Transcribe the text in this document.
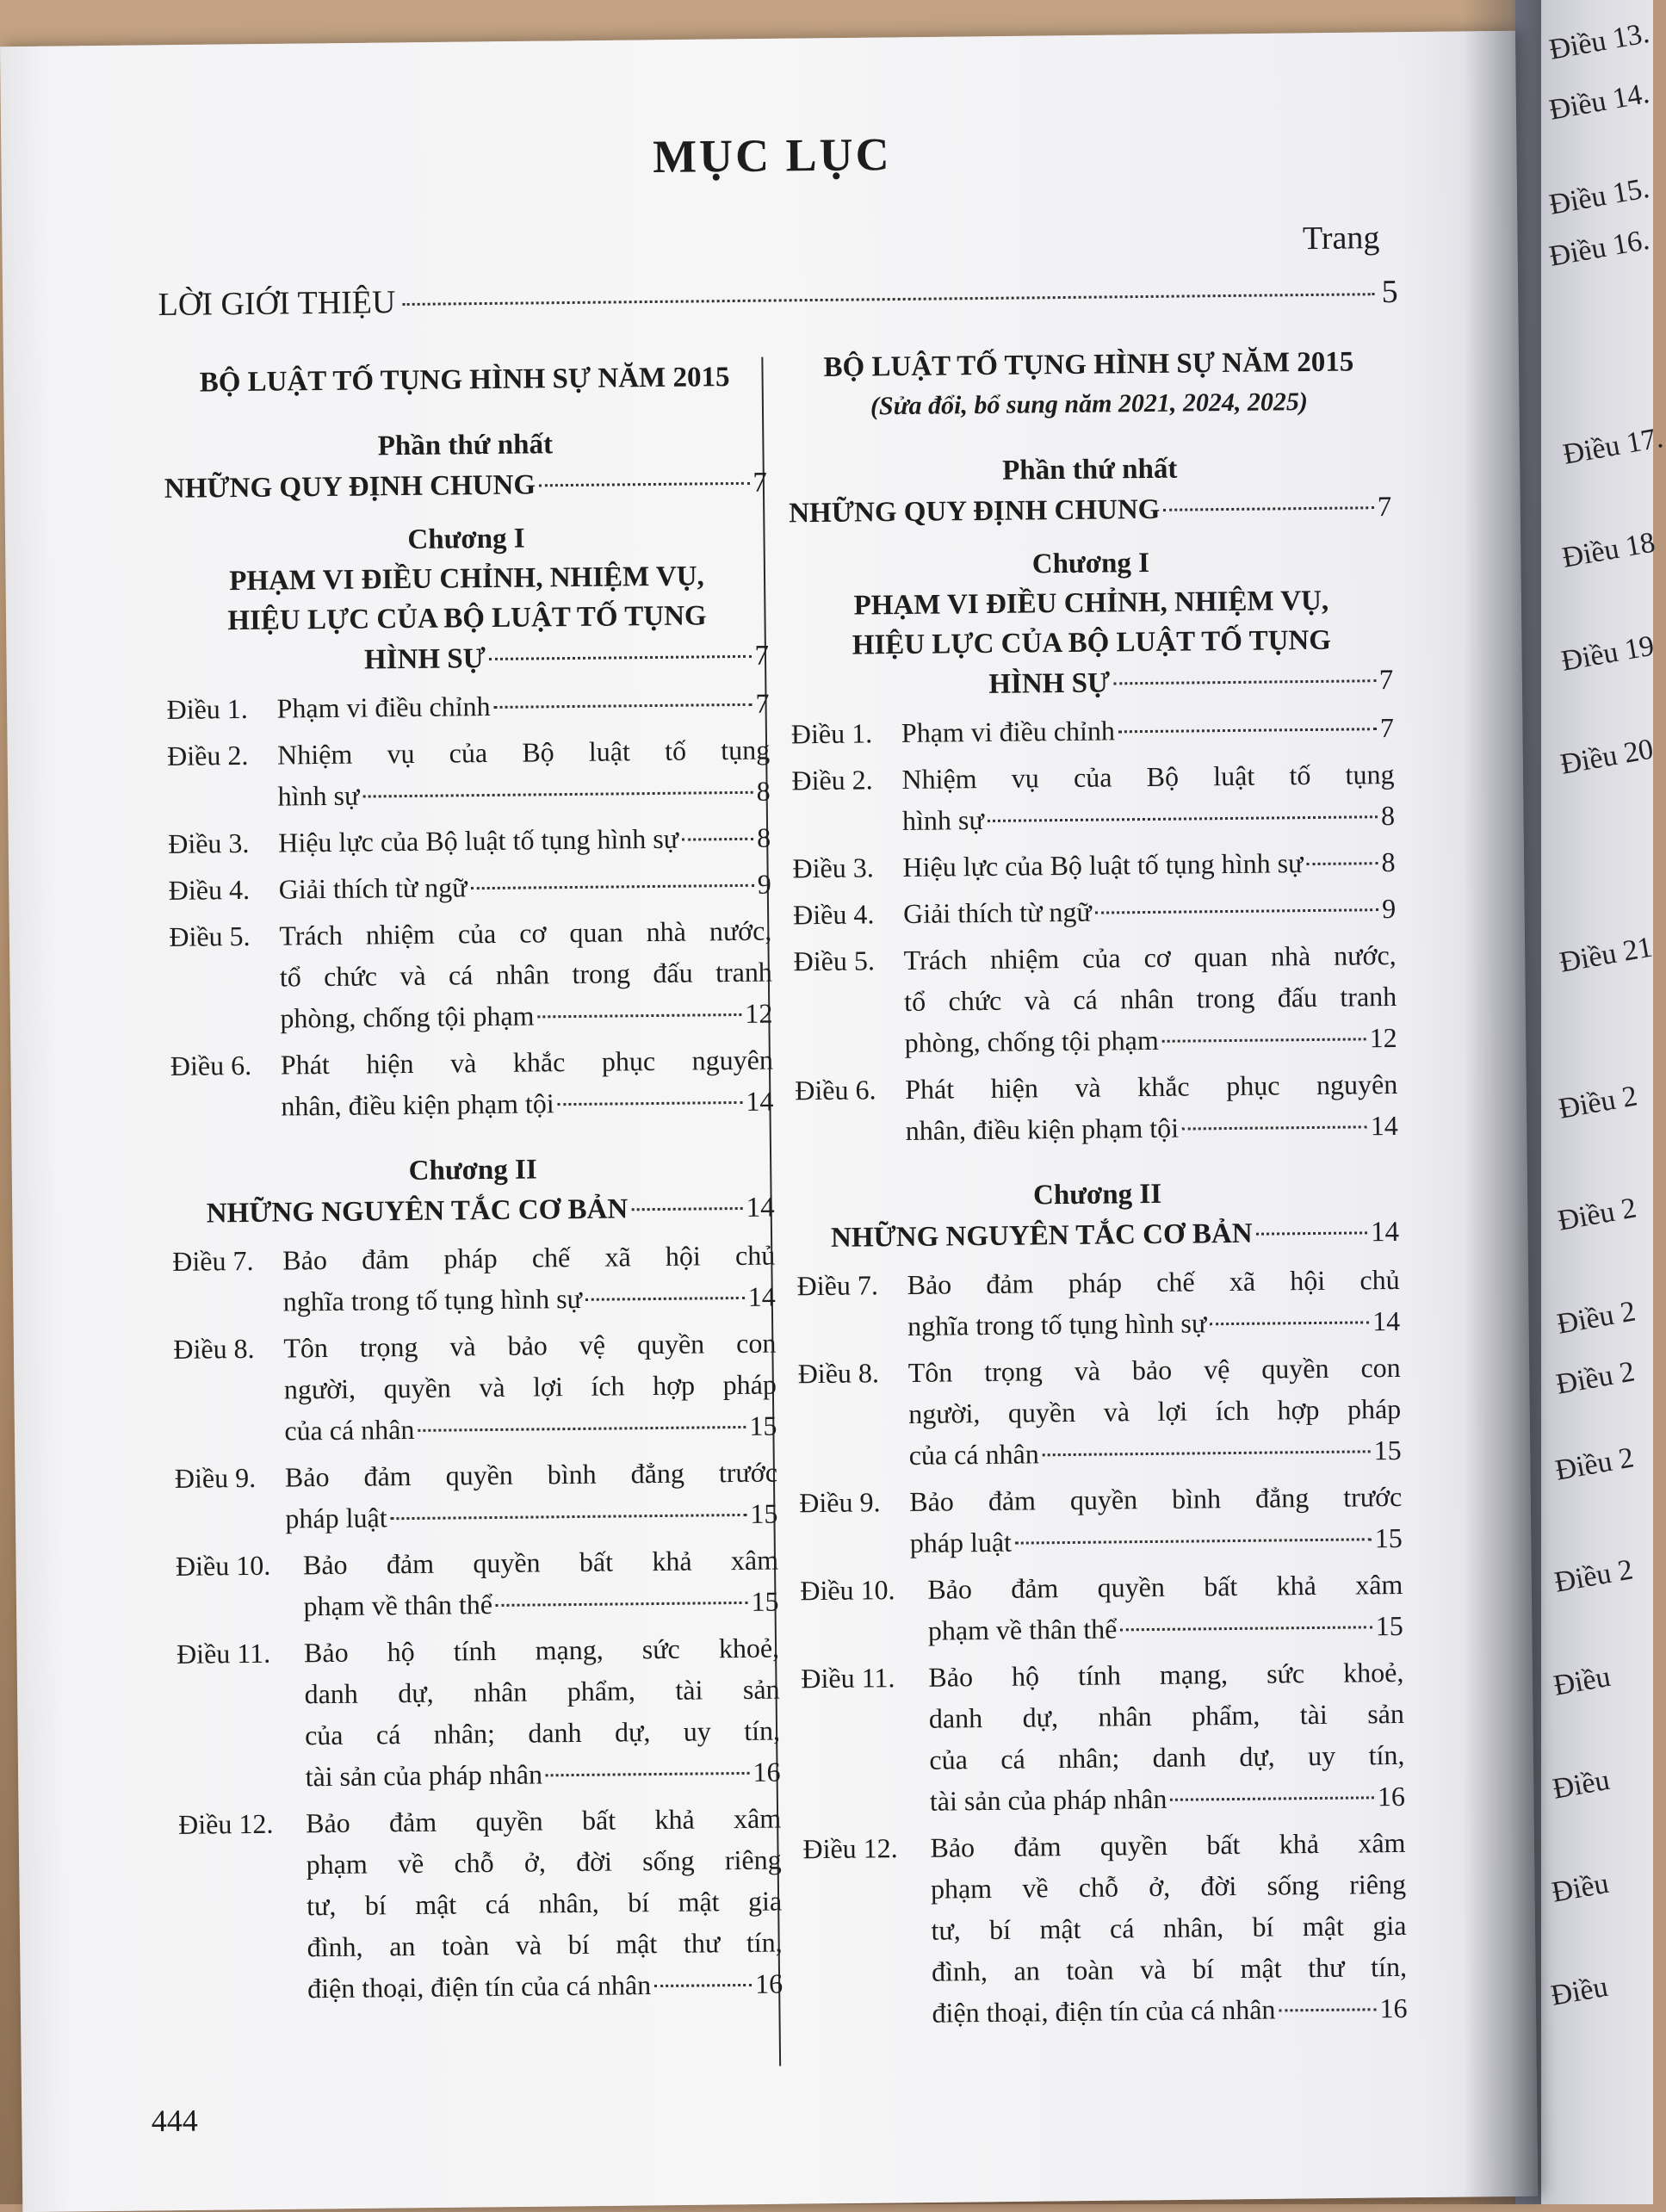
Điều 13.
Điều 14.
Điều 15.
Điều 16.
Điều 17.
Điều 18
Điều 19
Điều 20
Điều 21
Điều 2
Điều 2
Điều 2
Điều 2
Điều 2
Điều 2
Điều
Điều
Điều
Điều
MỤC LỤC
Trang
LỜI GIỚI THIỆU	5
BỘ LUẬT TỐ TỤNG HÌNH SỰ NĂM 2015
Phần thứ nhất
NHỮNG QUY ĐỊNH CHUNG	7
Chương I
PHẠM VI ĐIỀU CHỈNH, NHIỆM VỤ,
HIỆU LỰC CỦA BỘ LUẬT TỐ TỤNG
HÌNH SỰ	7
Điều 1.	Phạm vi điều chỉnh	7
Điều 2.	Nhiệm vụ của Bộ luật tố tụng
hình sự	8
Điều 3.	Hiệu lực của Bộ luật tố tụng hình sự	8
Điều 4.	Giải thích từ ngữ	9
Điều 5.	Trách nhiệm của cơ quan nhà nước,
tổ chức và cá nhân trong đấu tranh
phòng, chống tội phạm	12
Điều 6.	Phát hiện và khắc phục nguyên
nhân, điều kiện phạm tội	14
Chương II
NHỮNG NGUYÊN TẮC CƠ BẢN	14
Điều 7.	Bảo đảm pháp chế xã hội chủ
nghĩa trong tố tụng hình sự	14
Điều 8.	Tôn trọng và bảo vệ quyền con
người, quyền và lợi ích hợp pháp
của cá nhân	15
Điều 9.	Bảo đảm quyền bình đẳng trước
pháp luật	15
Điều 10.	Bảo đảm quyền bất khả xâm
phạm về thân thể	15
Điều 11.	Bảo hộ tính mạng, sức khoẻ,
danh dự, nhân phẩm, tài sản
của cá nhân; danh dự, uy tín,
tài sản của pháp nhân	16
Điều 12.	Bảo đảm quyền bất khả xâm
phạm về chỗ ở, đời sống riêng
tư, bí mật cá nhân, bí mật gia
đình, an toàn và bí mật thư tín,
điện thoại, điện tín của cá nhân	16
BỘ LUẬT TỐ TỤNG HÌNH SỰ NĂM 2015
(Sửa đổi, bổ sung năm 2021, 2024, 2025)
Phần thứ nhất
NHỮNG QUY ĐỊNH CHUNG	7
Chương I
PHẠM VI ĐIỀU CHỈNH, NHIỆM VỤ,
HIỆU LỰC CỦA BỘ LUẬT TỐ TỤNG
HÌNH SỰ	7
Điều 1.	Phạm vi điều chỉnh	7
Điều 2.	Nhiệm vụ của Bộ luật tố tụng
hình sự	8
Điều 3.	Hiệu lực của Bộ luật tố tụng hình sự	8
Điều 4.	Giải thích từ ngữ	9
Điều 5.	Trách nhiệm của cơ quan nhà nước,
tổ chức và cá nhân trong đấu tranh
phòng, chống tội phạm	12
Điều 6.	Phát hiện và khắc phục nguyên
nhân, điều kiện phạm tội	14
Chương II
NHỮNG NGUYÊN TẮC CƠ BẢN	14
Điều 7.	Bảo đảm pháp chế xã hội chủ
nghĩa trong tố tụng hình sự	14
Điều 8.	Tôn trọng và bảo vệ quyền con
người, quyền và lợi ích hợp pháp
của cá nhân	15
Điều 9.	Bảo đảm quyền bình đẳng trước
pháp luật	15
Điều 10.	Bảo đảm quyền bất khả xâm
phạm về thân thể	15
Điều 11.	Bảo hộ tính mạng, sức khoẻ,
danh dự, nhân phẩm, tài sản
của cá nhân; danh dự, uy tín,
tài sản của pháp nhân	16
Điều 12.	Bảo đảm quyền bất khả xâm
phạm về chỗ ở, đời sống riêng
tư, bí mật cá nhân, bí mật gia
đình, an toàn và bí mật thư tín,
điện thoại, điện tín của cá nhân	16
444
